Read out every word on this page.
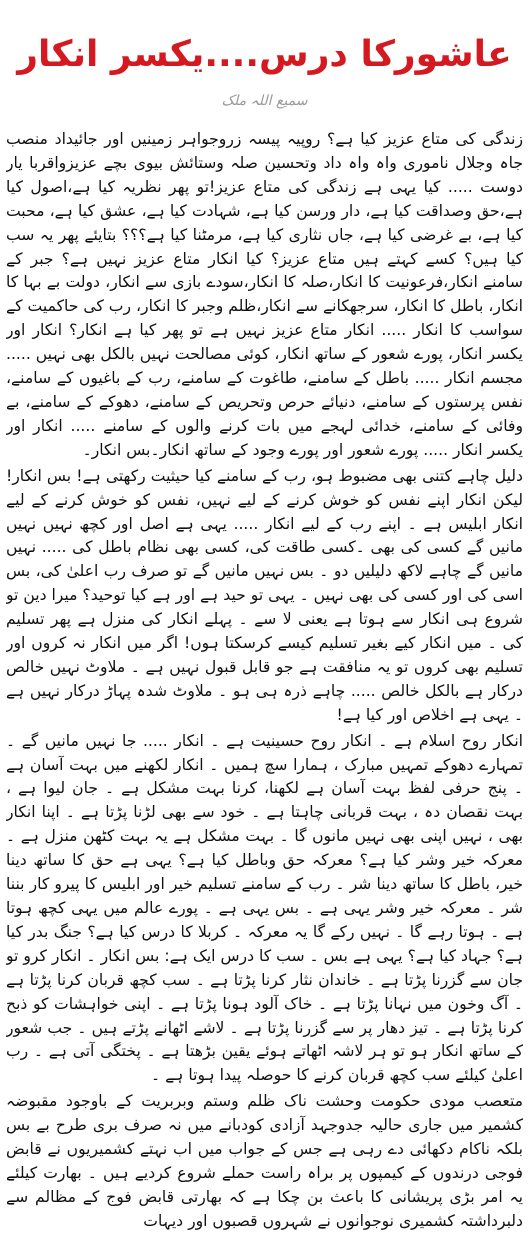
عاشورکا درس....یکسر انکار
سمیع اللہ ملک

زندگی کی متاع عزیز کیا ہے؟ روپیہ پیسہ زروجواہر زمینیں اور جائیداد منصب جاہ وجلال ناموری واہ واہ داد وتحسین صلہ وستائش بیوی بچے عزیزواقربا یار دوست ..... کیا یہی ہے زندگی کی متاع عزیز!تو پھر نظریہ کیا ہے،اصول کیا ہے،حق وصداقت کیا ہے، دار ورسن کیا ہے، شہادت کیا ہے، عشق کیا ہے، محبت کیا ہے، بے غرضی کیا ہے، جاں نثاری کیا ہے، مرمٹنا کیا ہے؟؟؟ بتایئے پھر یہ سب کیا ہیں؟ کسے کہتے ہیں متاع عزیز؟ کیا انکار متاع عزیز نہیں ہے؟ جبر کے سامنے انکار،فرعونیت کا انکار،صلہ کا انکار،سودے بازی سے انکار، دولت بے بہا کا انکار، باطل کا انکار، سرجھکانے سے انکار،ظلم وجبر کا انکار، رب کی حاکمیت کے سواسب کا انکار ..... انکار متاع عزیز نہیں ہے تو پھر کیا ہے انکار؟ انکار اور یکسر انکار، پورے شعور کے ساتھ انکار، کوئی مصالحت نہیں بالکل بھی نہیں ..... مجسم انکار ..... باطل کے سامنے، طاغوت کے سامنے، رب کے باغیوں کے سامنے، نفس پرستوں کے سامنے، دنیائے حرص وتحریص کے سامنے، دھوکے کے سامنے، بے وفائی کے سامنے، خدائی لہجے میں بات کرنے والوں کے سامنے ..... انکار اور یکسر انکار ..... پورے شعور اور پورے وجود کے ساتھ انکار۔بس انکار۔

دلیل چاہے کتنی بھی مضبوط ہو، رب کے سامنے کیا حیثیت رکھتی ہے! بس انکار! لیکن انکار اپنے نفس کو خوش کرنے کے لیے نہیں، نفس کو خوش کرنے کے لیے انکار ابلیس ہے ۔ اپنے رب کے لیے انکار ..... یہی ہے اصل اور کچھ نہیں نہیں مانیں گے کسی کی بھی ۔کسی طاقت کی، کسی بھی نظام باطل کی ..... نہیں مانیں گے چاہے لاکھ دلیلیں دو ۔ بس نہیں مانیں گے تو صرف رب اعلیٰ کی، بس اسی کی اور کسی کی بھی نہیں ۔ یہی تو حید ہے اور ہے کیا توحید؟ میرا دین تو شروع ہی انکار سے ہوتا ہے یعنی لا سے ۔ پہلے انکار کی منزل ہے پھر تسلیم کی ۔ میں انکار کیے بغیر تسلیم کیسے کرسکتا ہوں! اگر میں انکار نہ کروں اور تسلیم بھی کروں تو یہ منافقت ہے جو قابل قبول نہیں ہے ۔ ملاوٹ نہیں خالص درکار ہے بالکل خالص ..... چاہے ذرہ ہی ہو ۔ ملاوٹ شدہ پہاڑ درکار نہیں ہے ۔ یہی ہے اخلاص اور کیا ہے!

انکار روح اسلام ہے ۔ انکار روح حسینیت ہے ۔ انکار ..... جا نہیں مانیں گے ۔ تمہارے دھوکے تمہیں مبارک ، ہمارا سچ ہمیں ۔ انکار لکھنے میں بہت آسان ہے ۔ پنج حرفی لفظ بہت آسان ہے لکھنا، کرنا بہت مشکل ہے ۔ جان لیوا ہے ، بہت نقصان دہ ، بہت قربانی چاہتا ہے ۔ خود سے بھی لڑنا پڑتا ہے ۔ اپنا انکار بھی ، نہیں اپنی بھی نہیں مانوں گا ۔ بہت مشکل ہے یہ بہت کٹھن منزل ہے ۔ معرکہ خیر وشر کیا ہے؟ معرکہ حق وباطل کیا ہے؟ یہی ہے حق کا ساتھ دینا خیر، باطل کا ساتھ دینا شر ۔ رب کے سامنے تسلیم خیر اور ابلیس کا پیرو کار بننا شر ۔ معرکہ خیر وشر یہی ہے ۔ بس یہی ہے ۔ پورے عالم میں یہی کچھ ہوتا ہے ۔ ہوتا رہے گا ۔ نہیں رکے گا یہ معرکہ ۔ کربلا کا درس کیا ہے؟ جنگ بدر کیا ہے؟ جہاد کیا ہے؟ یہی ہے بس ۔ سب کا درس ایک ہے: بس انکار ۔ انکار کرو تو جان سے گزرنا پڑتا ہے ۔ خاندان نثار کرنا پڑتا ہے ۔ سب کچھ قربان کرنا پڑتا ہے ۔ آگ وخون میں نہانا پڑتا ہے ۔ خاک آلود ہونا پڑتا ہے ۔ اپنی خواہشات کو ذبح کرنا پڑتا ہے ۔ تیز دھار پر سے گزرنا پڑتا ہے ۔ لاشے اٹھانے پڑتے ہیں ۔ جب شعور کے ساتھ انکار ہو تو ہر لاشہ اٹھاتے ہوئے یقین بڑھتا ہے ۔ پختگی آتی ہے ۔ رب اعلیٰ کیلئے سب کچھ قربان کرنے کا حوصلہ پیدا ہوتا ہے ۔

متعصب مودی حکومت وحشت ناک ظلم وستم وبربریت کے باوجود مقبوضہ کشمیر میں جاری حالیہ جدوجہد آزادی کودبانے میں نہ صرف بری طرح بے بس بلکہ ناکام دکھائی دے رہی ہے جس کے جواب میں اب نہتے کشمیریوں نے قابض فوجی درندوں کے کیمپوں پر براہ راست حملے شروع کردیے ہیں ۔ بھارت کیلئے یہ امر بڑی پریشانی کا باعث بن چکا ہے کہ بھارتی قابض فوج کے مظالم سے دلبرداشتہ کشمیری نوجوانوں نے شہروں قصبوں اور دیہات
